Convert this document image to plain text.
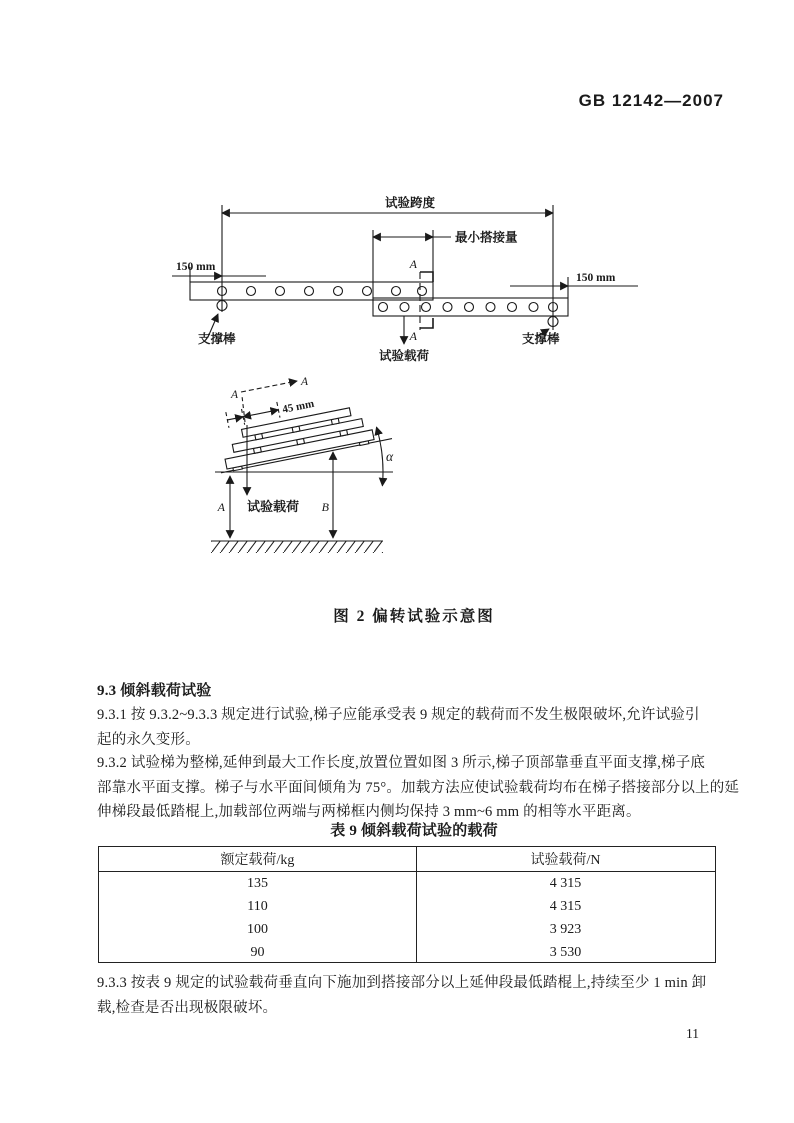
GB 12142—2007
试验跨度
最小搭接量
150 mm
150 mm
A
A
试验载荷
支撑棒	支撑棒
45 mm
A
A
α
试验载荷
A	B
图 2 偏转试验示意图
9.3 倾斜载荷试验
9.3.1 按 9.3.2~9.3.3 规定进行试验,梯子应能承受表 9 规定的载荷而不发生极限破坏,允许试验引
起的永久变形。
9.3.2 试验梯为整梯,延伸到最大工作长度,放置位置如图 3 所示,梯子顶部靠垂直平面支撑,梯子底
部靠水平面支撑。梯子与水平面间倾角为 75°。加载方法应使试验载荷均布在梯子搭接部分以上的延
伸梯段最低踏棍上,加载部位两端与两梯框内侧均保持 3 mm~6 mm 的相等水平距离。
表 9 倾斜载荷试验的载荷
额定载荷/kg	试验载荷/N
135	4 315
110	4 315
100	3 923
90	3 530
9.3.3 按表 9 规定的试验载荷垂直向下施加到搭接部分以上延伸段最低踏棍上,持续至少 1 min 卸
载,检查是否出现极限破坏。
11
